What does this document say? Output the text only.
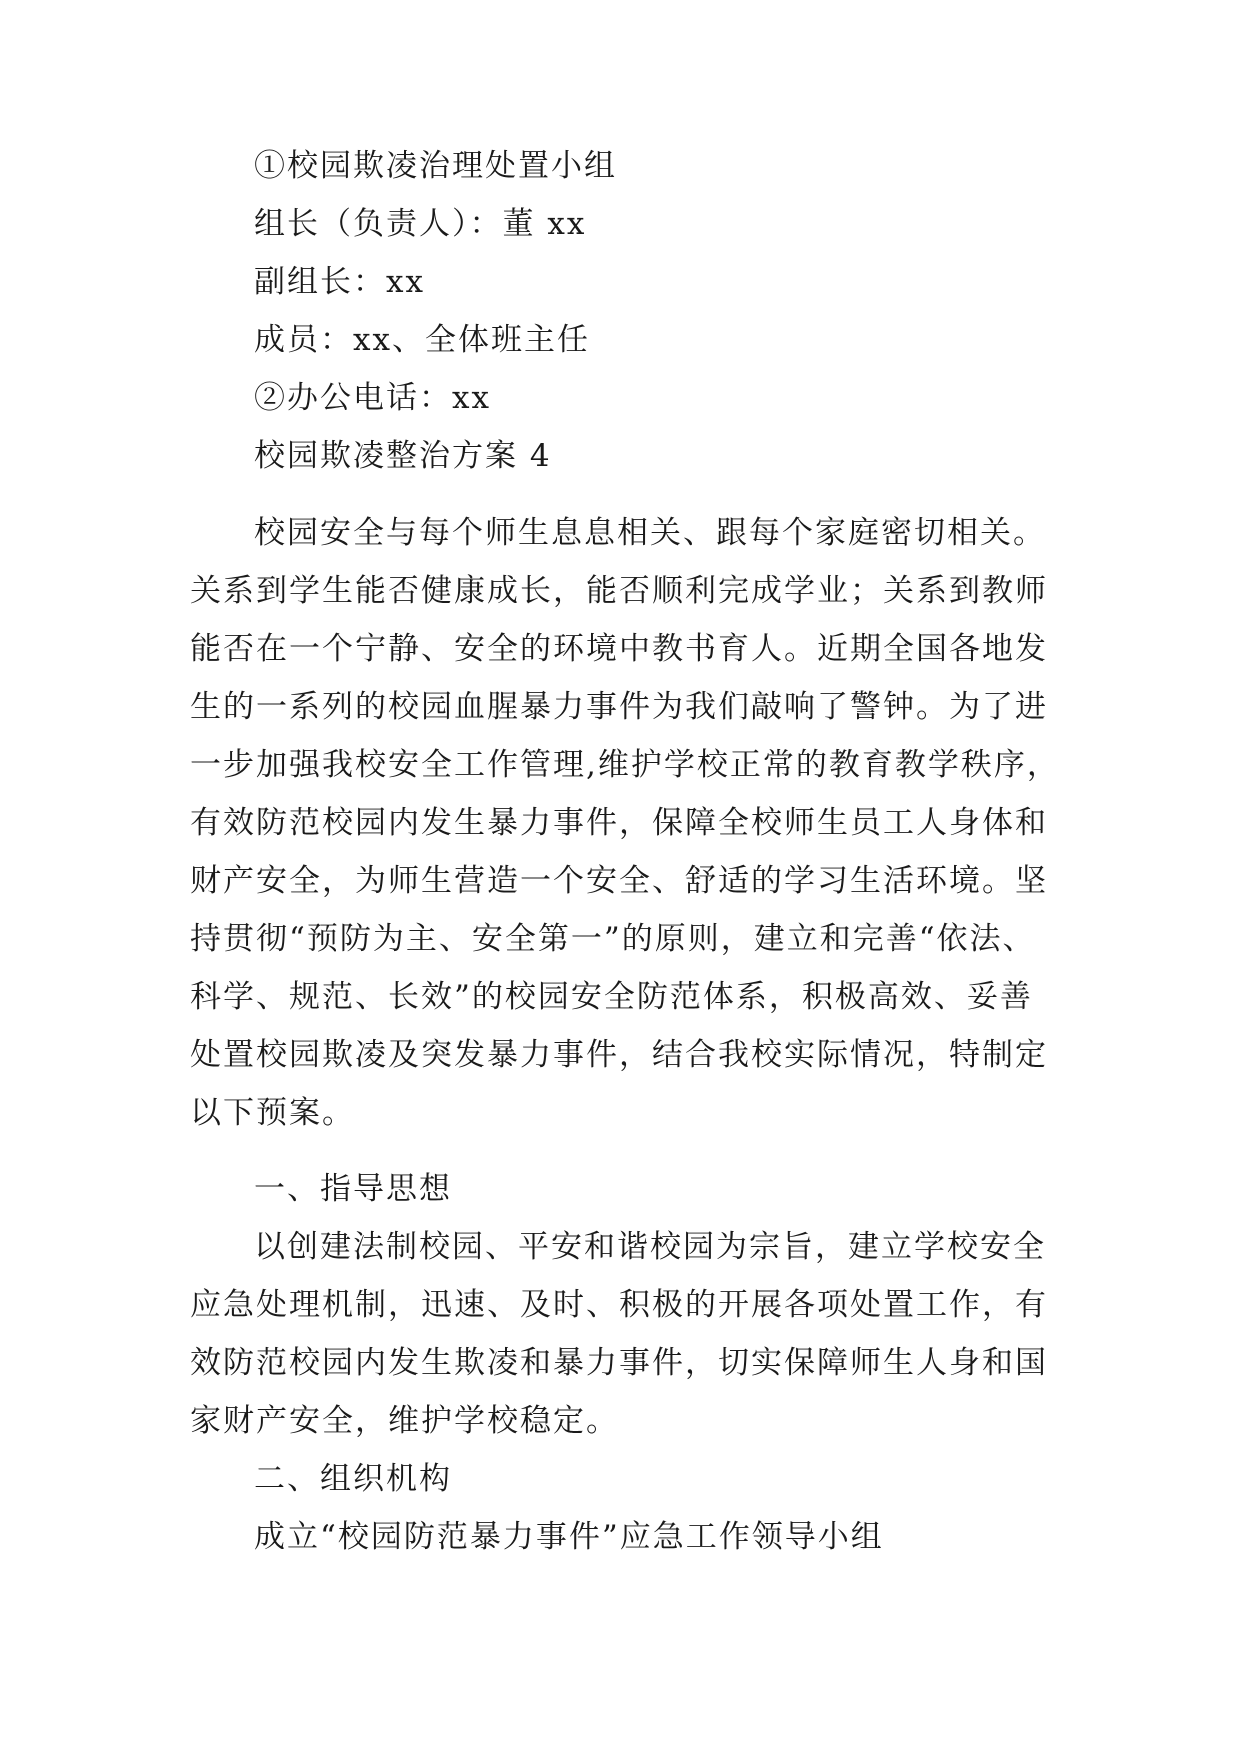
①校园欺凌治理处置小组
组长（负责人）：董 xx
副组长：xx
成员：xx、全体班主任
②办公电话：xx
校园欺凌整治方案 4
校园安全与每个师生息息相关、跟每个家庭密切相关。
关系到学生能否健康成长，能否顺利完成学业；关系到教师
能否在一个宁静、安全的环境中教书育人。近期全国各地发
生的一系列的校园血腥暴力事件为我们敲响了警钟。为了进
一步加强我校安全工作管理,维护学校正常的教育教学秩序，
有效防范校园内发生暴力事件，保障全校师生员工人身体和
财产安全，为师生营造一个安全、舒适的学习生活环境。坚
持贯彻“预防为主、安全第一”的原则，建立和完善“依法、
科学、规范、长效”的校园安全防范体系，积极高效、妥善
处置校园欺凌及突发暴力事件，结合我校实际情况，特制定
以下预案。
一、指导思想
以创建法制校园、平安和谐校园为宗旨，建立学校安全
应急处理机制，迅速、及时、积极的开展各项处置工作，有
效防范校园内发生欺凌和暴力事件，切实保障师生人身和国
家财产安全，维护学校稳定。
二、组织机构
成立“校园防范暴力事件”应急工作领导小组
